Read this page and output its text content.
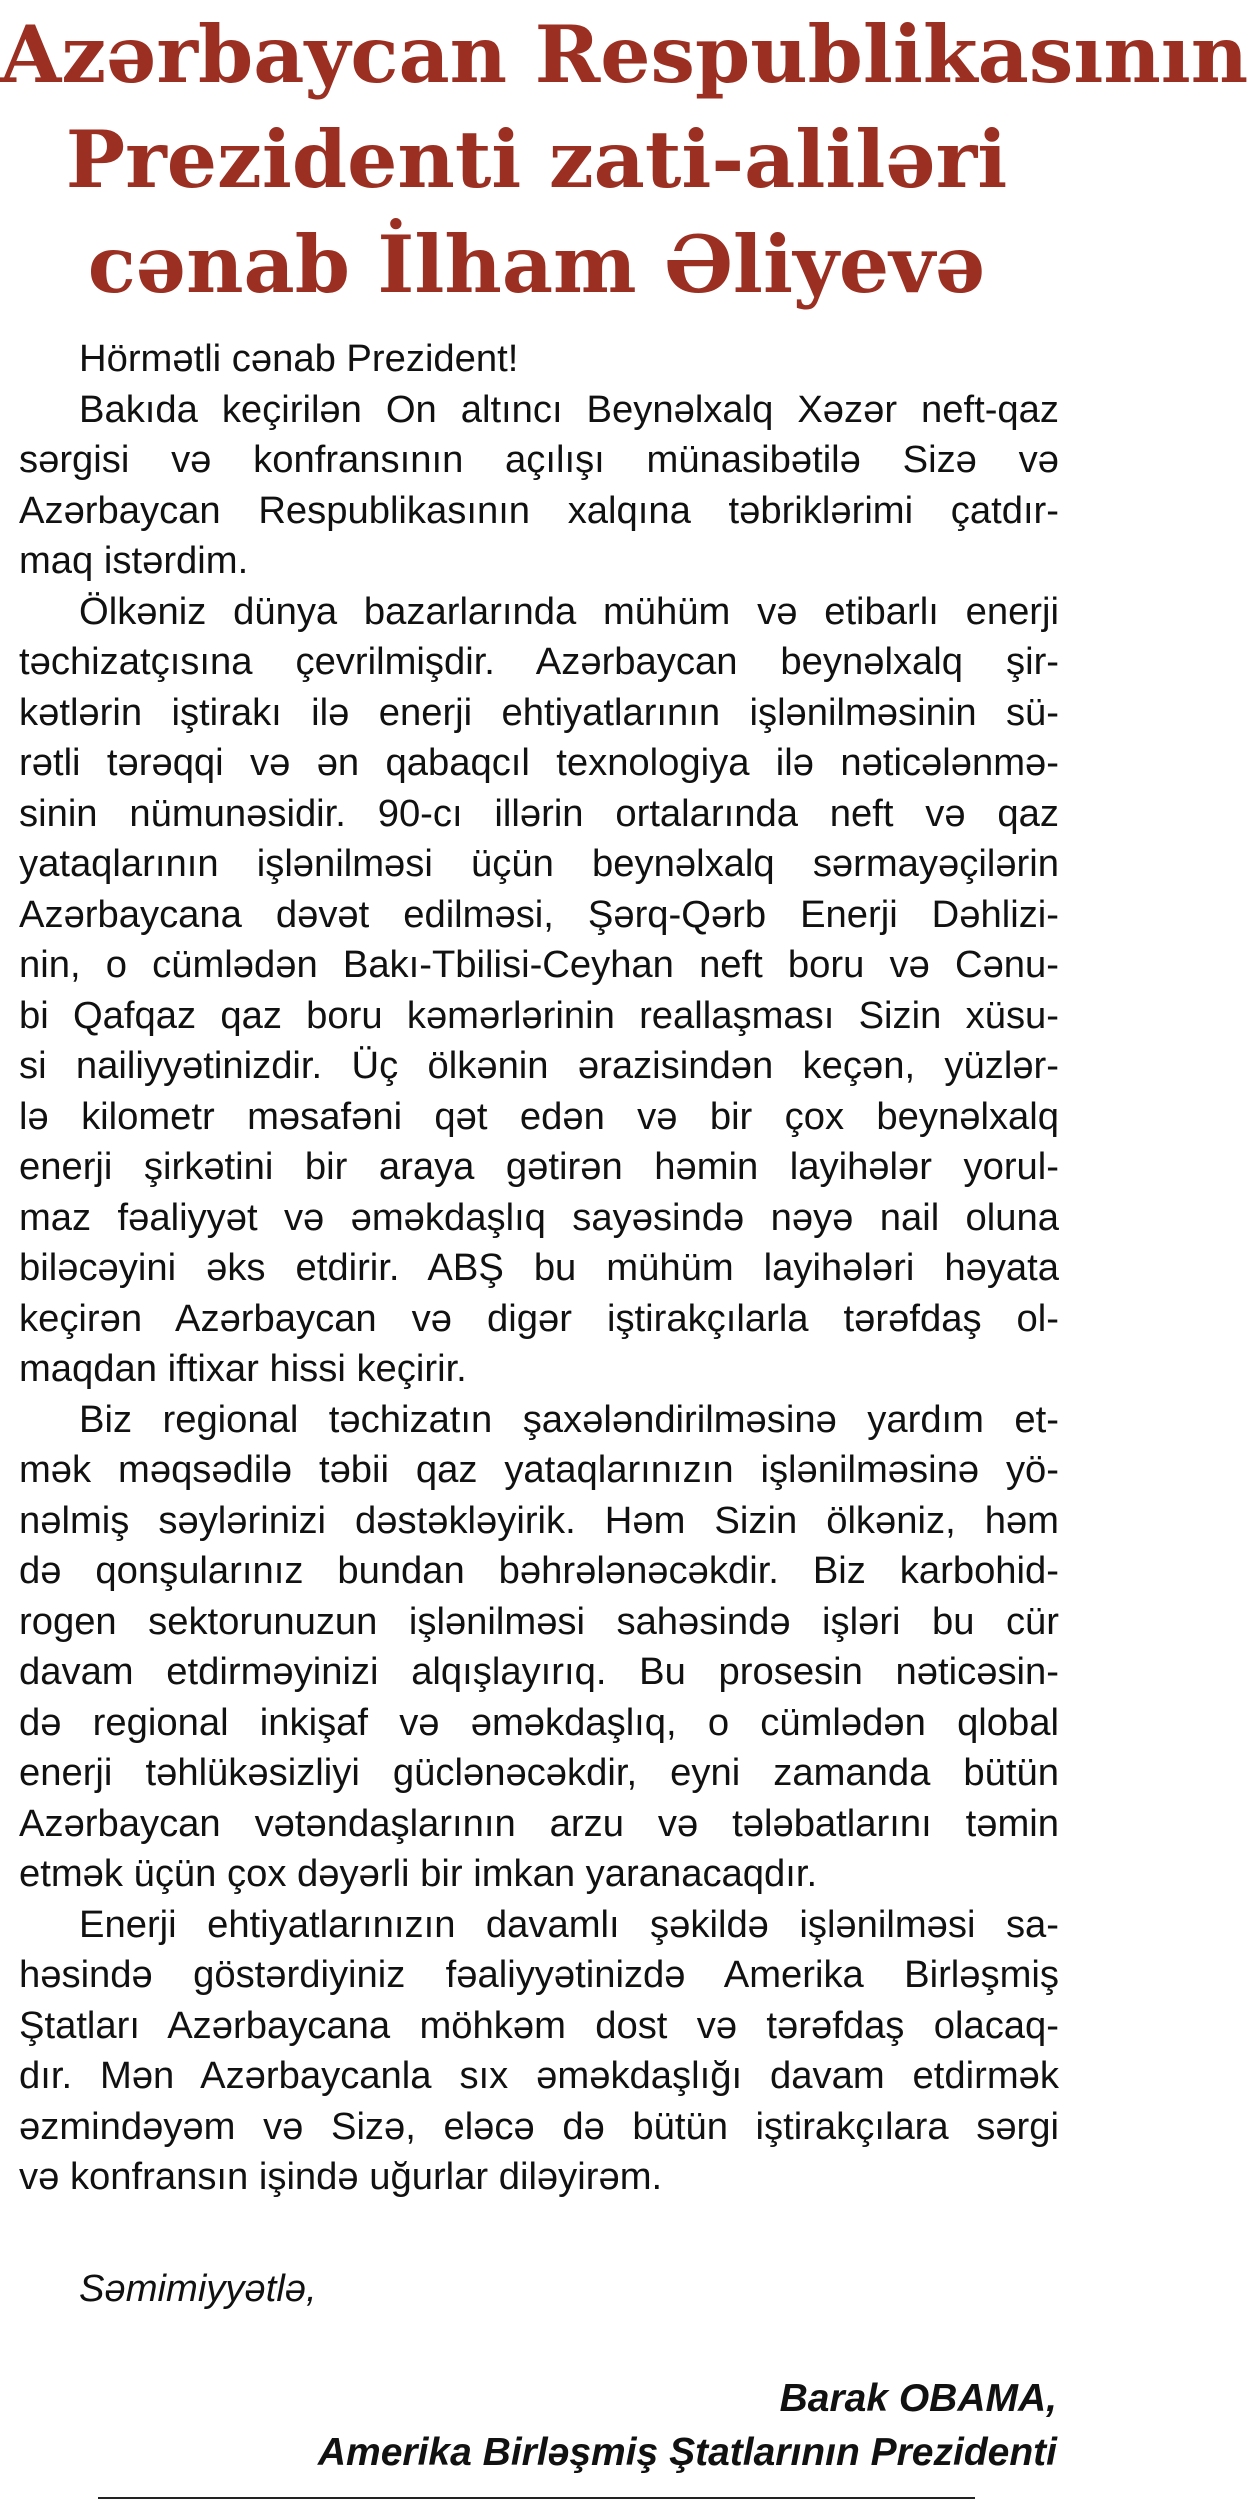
Azərbaycan Respublikasının
Prezidenti zati-aliləri
cənab İlham Əliyevə
Hörmətli cənab Prezident!
Bakıda keçirilən On altıncı Beynəlxalq Xəzər neft-qaz
sərgisi və konfransının açılışı münasibətilə Sizə və
Azərbaycan Respublikasının xalqına təbriklərimi çatdır-
maq istərdim.
Ölkəniz dünya bazarlarında mühüm və etibarlı enerji
təchizatçısına çevrilmişdir. Azərbaycan beynəlxalq şir-
kətlərin iştirakı ilə enerji ehtiyatlarının işlənilməsinin sü-
rətli tərəqqi və ən qabaqcıl texnologiya ilə nəticələnmə-
sinin nümunəsidir. 90-cı illərin ortalarında neft və qaz
yataqlarının işlənilməsi üçün beynəlxalq sərmayəçilərin
Azərbaycana dəvət edilməsi, Şərq-Qərb Enerji Dəhlizi-
nin, o cümlədən Bakı-Tbilisi-Ceyhan neft boru və Cənu-
bi Qafqaz qaz boru kəmərlərinin reallaşması Sizin xüsu-
si nailiyyətinizdir. Üç ölkənin ərazisindən keçən, yüzlər-
lə kilometr məsafəni qət edən və bir çox beynəlxalq
enerji şirkətini bir araya gətirən həmin layihələr yorul-
maz fəaliyyət və əməkdaşlıq sayəsində nəyə nail oluna
biləcəyini əks etdirir. ABŞ bu mühüm layihələri həyata
keçirən Azərbaycan və digər iştirakçılarla tərəfdaş ol-
maqdan iftixar hissi keçirir.
Biz regional təchizatın şaxələndirilməsinə yardım et-
mək məqsədilə təbii qaz yataqlarınızın işlənilməsinə yö-
nəlmiş səylərinizi dəstəkləyirik. Həm Sizin ölkəniz, həm
də qonşularınız bundan bəhrələnəcəkdir. Biz karbohid-
rogen sektorunuzun işlənilməsi sahəsində işləri bu cür
davam etdirməyinizi alqışlayırıq. Bu prosesin nəticəsin-
də regional inkişaf və əməkdaşlıq, o cümlədən qlobal
enerji təhlükəsizliyi güclənəcəkdir, eyni zamanda bütün
Azərbaycan vətəndaşlarının arzu və tələbatlarını təmin
etmək üçün çox dəyərli bir imkan yaranacaqdır.
Enerji ehtiyatlarınızın davamlı şəkildə işlənilməsi sa-
həsində göstərdiyiniz fəaliyyətinizdə Amerika Birləşmiş
Ştatları Azərbaycana möhkəm dost və tərəfdaş olacaq-
dır. Mən Azərbaycanla sıx əməkdaşlığı davam etdirmək
əzmindəyəm və Sizə, eləcə də bütün iştirakçılara sərgi
və konfransın işində uğurlar diləyirəm.
Səmimiyyətlə,
Barak OBAMA,
Amerika Birləşmiş Ştatlarının Prezidenti
